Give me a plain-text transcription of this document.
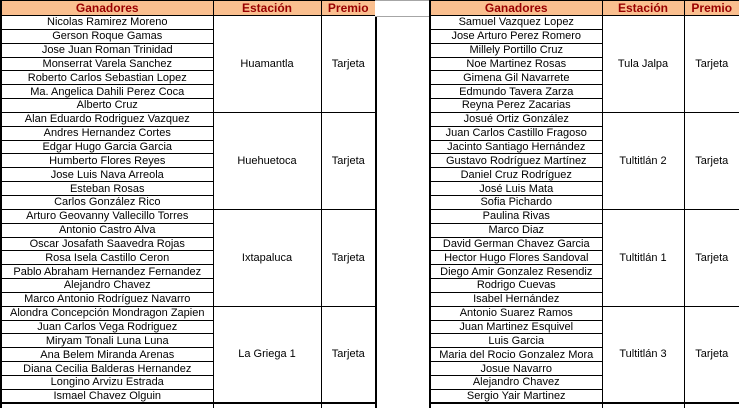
Ganadores	Estación	Premio
Nicolas Ramirez Moreno	Huamantla	Tarjeta
Gerson Roque Gamas		
Jose Juan Roman Trinidad		
Monserrat Varela Sanchez		
Roberto Carlos Sebastian Lopez		
Ma. Angelica Dahili Perez Coca		
Alberto Cruz		
Alan Eduardo Rodriguez Vazquez	Huehuetoca	Tarjeta
Andres Hernandez Cortes		
Edgar Hugo Garcia Garcia		
Humberto Flores Reyes		
Jose Luis Nava Arreola		
Esteban Rosas		
Carlos González Rico		
Arturo Geovanny Vallecillo Torres	Ixtapaluca	Tarjeta
Antonio Castro Alva		
Oscar Josafath Saavedra Rojas		
Rosa Isela Castillo Ceron		
Pablo Abraham Hernandez Fernandez		
Alejandro Chavez		
Marco Antonio Rodríguez Navarro		
Alondra Concepción Mondragon Zapien	La Griega 1	Tarjeta
Juan Carlos Vega Rodriguez		
Miryam Tonali Luna Luna		
Ana Belem Miranda Arenas		
Diana Cecilia Balderas Hernandez		
Longino Arvizu Estrada		
Ismael Chavez Olguin		

Ganadores	Estación	Premio
Samuel Vazquez Lopez	Tula Jalpa	Tarjeta
Jose Arturo Perez Romero		
Millely Portillo Cruz		
Noe Martinez Rosas		
Gimena Gil Navarrete		
Edmundo Tavera Zarza		
Reyna Perez Zacarias		
Josué Ortiz González	Tultitlán 2	Tarjeta
Juan Carlos Castillo Fragoso		
Jacinto Santiago Hernández		
Gustavo Rodríguez Martínez		
Daniel Cruz Rodríguez		
José Luis Mata		
Sofia Pichardo		
Paulina Rivas	Tultitlán 1	Tarjeta
Marco Diaz		
David German Chavez Garcia		
Hector Hugo Flores Sandoval		
Diego Amir Gonzalez Resendiz		
Rodrigo Cuevas		
Isabel Hernández		
Antonio Suarez Ramos	Tultitlán 3	Tarjeta
Juan Martinez Esquivel		
Luis Garcia		
Maria del Rocio Gonzalez Mora		
Josue Navarro		
Alejandro Chavez		
Sergio Yair Martinez		
